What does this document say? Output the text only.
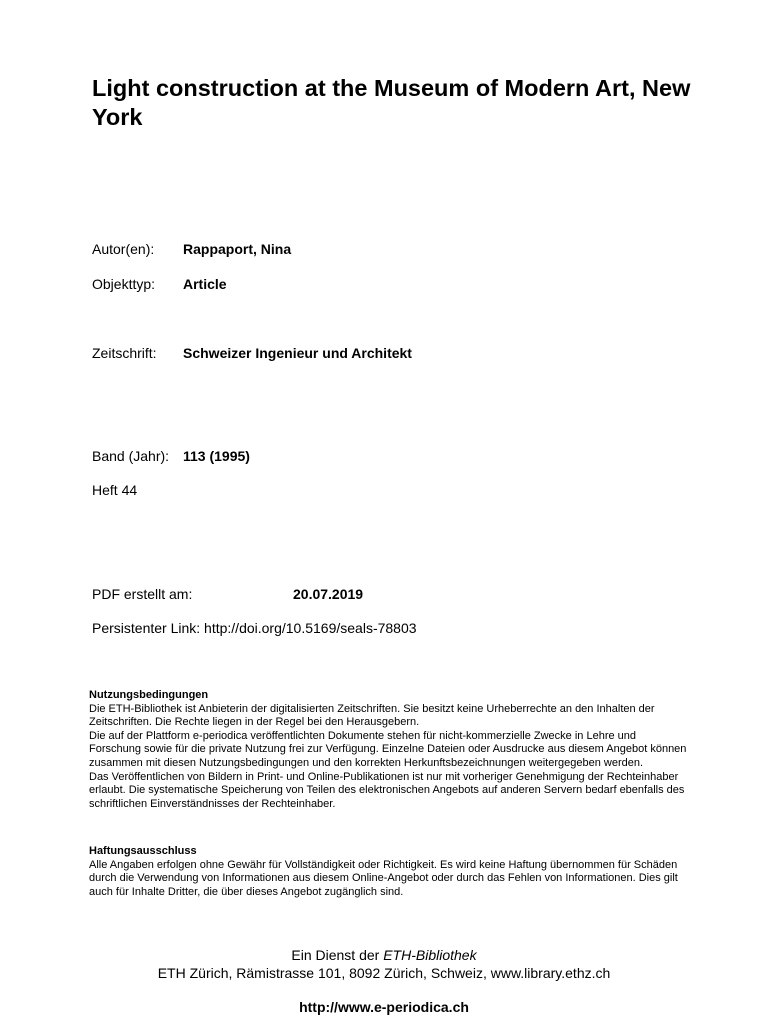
Light construction at the Museum of Modern Art, New York
Autor(en): Rappaport, Nina
Objekttyp: Article
Zeitschrift: Schweizer Ingenieur und Architekt
Band (Jahr): 113 (1995)
Heft 44
PDF erstellt am:	20.07.2019
Persistenter Link: http://doi.org/10.5169/seals-78803
Nutzungsbedingungen

Die ETH-Bibliothek ist Anbieterin der digitalisierten Zeitschriften. Sie besitzt keine Urheberrechte an den Inhalten der Zeitschriften. Die Rechte liegen in der Regel bei den Herausgebern.

Die auf der Plattform e-periodica veröffentlichten Dokumente stehen für nicht-kommerzielle Zwecke in Lehre und Forschung sowie für die private Nutzung frei zur Verfügung. Einzelne Dateien oder Ausdrucke aus diesem Angebot können zusammen mit diesen Nutzungsbedingungen und den korrekten Herkunftsbezeichnungen weitergegeben werden.

Das Veröffentlichen von Bildern in Print- und Online-Publikationen ist nur mit vorheriger Genehmigung der Rechteinhaber erlaubt. Die systematische Speicherung von Teilen des elektronischen Angebots auf anderen Servern bedarf ebenfalls des schriftlichen Einverständnisses der Rechteinhaber.

Haftungsausschluss

Alle Angaben erfolgen ohne Gewähr für Vollständigkeit oder Richtigkeit. Es wird keine Haftung übernommen für Schäden durch die Verwendung von Informationen aus diesem Online-Angebot oder durch das Fehlen von Informationen. Dies gilt auch für Inhalte Dritter, die über dieses Angebot zugänglich sind.

Ein Dienst der ETH-Bibliothek
ETH Zürich, Rämistrasse 101, 8092 Zürich, Schweiz, www.library.ethz.ch
http://www.e-periodica.ch
